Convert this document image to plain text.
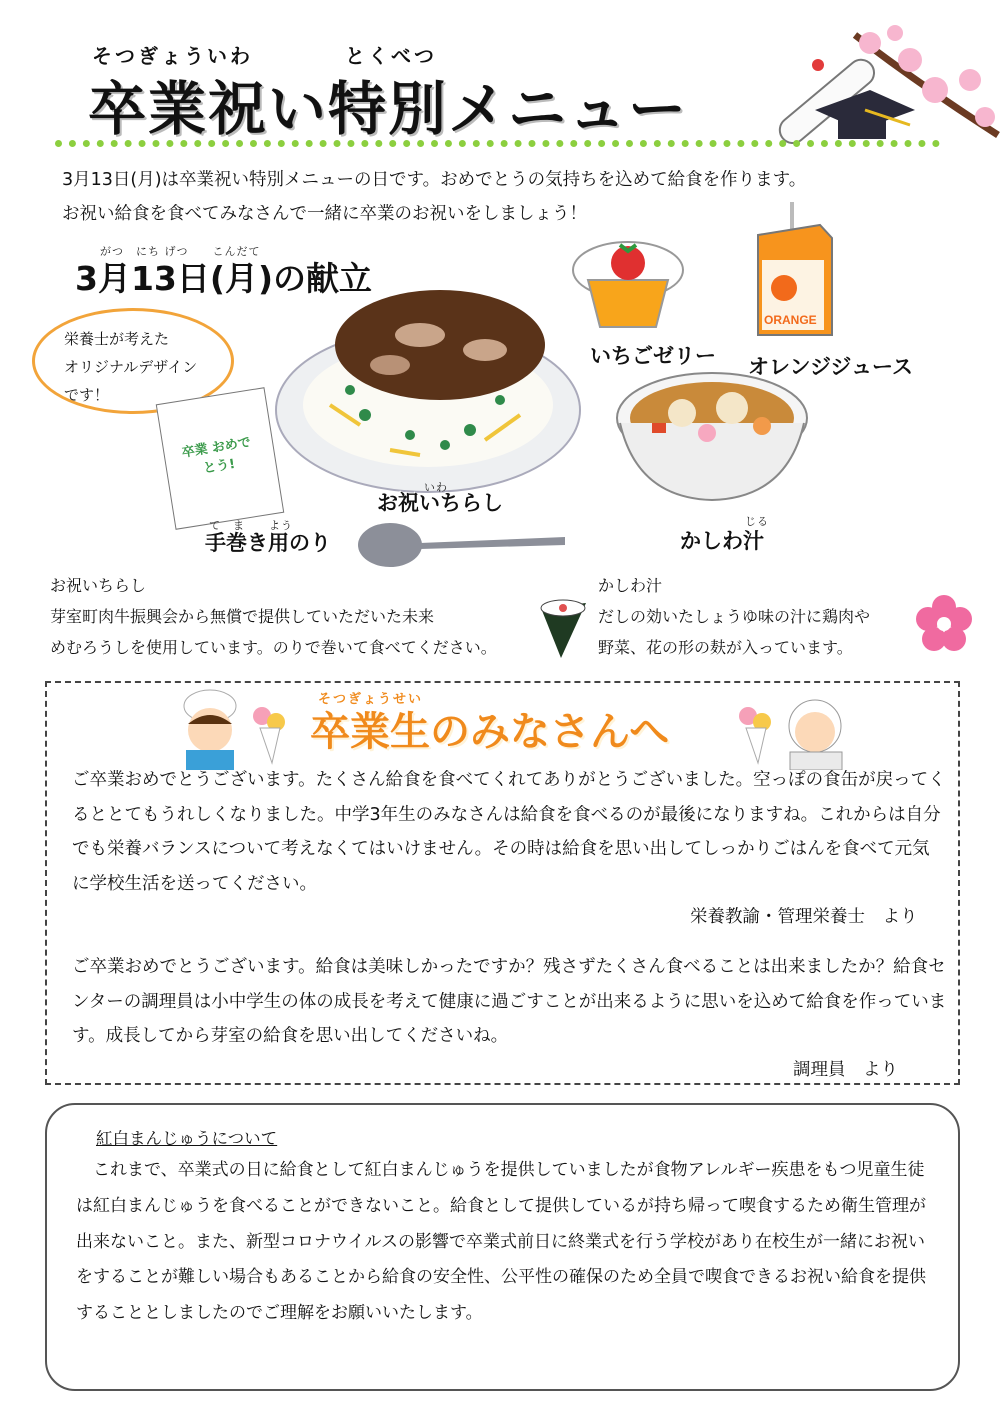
そつぎょういわ	とくべつ
卒業祝い特別メニュー
3月13日(月)は卒業祝い特別メニューの日です。おめでとうの気持ちを込めて給食を作ります。
お祝い給食を食べてみなさんで一緒に卒業のお祝いをしましょう！
がつ　にち げつ　　こんだて
3月13日(月)の献立
栄養士が考えた
オリジナルデザイン
です！
卒業 おめでとう!
ORANGE
いわ
お祝いちらし
て　ま　　よう
手巻き用のり
いちごゼリー オレンジジュース
じる
かしわ汁
お祝いちらし
芽室町肉牛振興会から無償で提供していただいた未来
めむろうしを使用しています。のりで巻いて食べてください。
かしわ汁
だしの効いたしょうゆ味の汁に鶏肉や
野菜、花の形の麸が入っています。
そつぎょうせい
卒業生のみなさんへ
ご卒業おめでとうございます。たくさん給食を食べてくれてありがとうございました。空っぽの食缶が戻ってくるととてもうれしくなりました。中学3年生のみなさんは給食を食べるのが最後になりますね。これからは自分でも栄養バランスについて考えなくてはいけません。その時は給食を思い出してしっかりごはんを食べて元気に学校生活を送ってください。
栄養教諭・管理栄養士　より
ご卒業おめでとうございます。給食は美味しかったですか？残さずたくさん食べることは出来ましたか？給食センターの調理員は小中学生の体の成長を考えて健康に過ごすことが出来るように思いを込めて給食を作っています。成長してから芽室の給食を思い出してくださいね。
調理員　より
紅白まんじゅうについて
これまで、卒業式の日に給食として紅白まんじゅうを提供していましたが食物アレルギー疾患をもつ児童生徒は紅白まんじゅうを食べることができないこと。給食として提供しているが持ち帰って喫食するため衛生管理が出来ないこと。また、新型コロナウイルスの影響で卒業式前日に終業式を行う学校があり在校生が一緒にお祝いをすることが難しい場合もあることから給食の安全性、公平性の確保のため全員で喫食できるお祝い給食を提供することとしましたのでご理解をお願いいたします。
